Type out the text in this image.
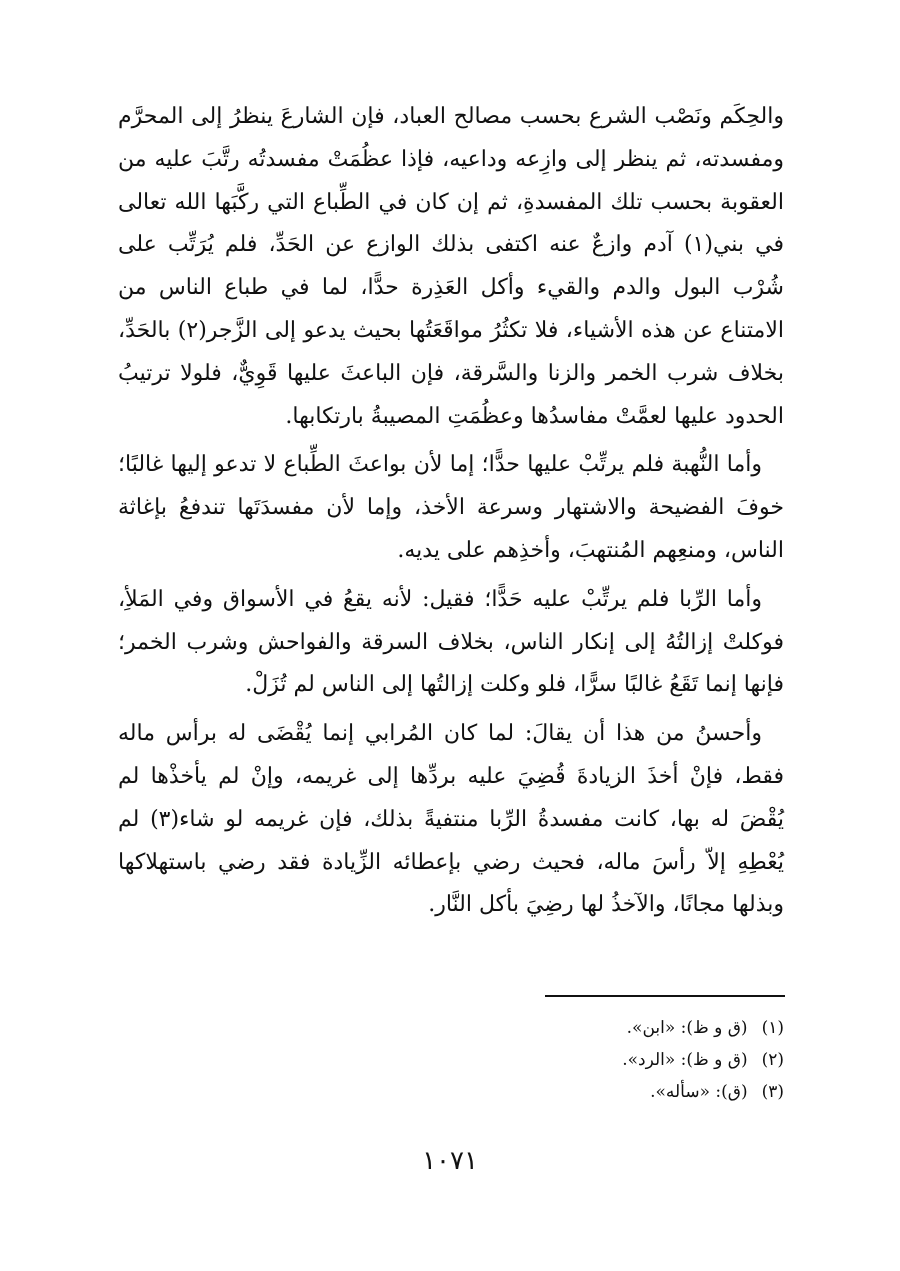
والحِكَم ونَصْب الشرع بحسب مصالح العباد، فإن الشارعَ ينظرُ إلى المحرَّم ومفسدته، ثم ينظر إلى وازِعه وداعيه، فإذا عظُمَتْ مفسدتُه رتَّبَ عليه من العقوبة بحسب تلك المفسدةِ، ثم إن كان في الطِّباع التي ركَّبَها الله تعالى في بني(١) آدم وازعٌ عنه اكتفى بذلك الوازع عن الحَدِّ، فلم يُرَتِّب على شُرْب البول والدم والقيء وأكل العَذِرة حدًّا، لما في طباع الناس من الامتناع عن هذه الأشياء، فلا تكثُرُ مواقَعَتُها بحيث يدعو إلى الزَّجر(٢) بالحَدِّ، بخلاف شرب الخمر والزنا والسَّرقة، فإن الباعثَ عليها قَوِيٌّ، فلولا ترتيبُ الحدود عليها لعمَّتْ مفاسدُها وعظُمَتِ المصيبةُ بارتكابها.

وأما النُّهبة فلم يرتِّبْ عليها حدًّا؛ إما لأن بواعثَ الطِّباع لا تدعو إليها غالبًا؛ خوفَ الفضيحة والاشتهار وسرعة الأخذ، وإما لأن مفسدَتَها تندفعُ بإغاثة الناس، ومنعِهم المُنتهبَ، وأخذِهم على يديه.

وأما الرِّبا فلم يرتِّبْ عليه حَدًّا؛ فقيل: لأنه يقعُ في الأسواق وفي المَلأِ، فوكلتْ إزالتُهُ إلى إنكار الناس، بخلاف السرقة والفواحش وشرب الخمر؛ فإنها إنما تَقَعُ غالبًا سرًّا، فلو وكلت إزالتُها إلى الناس لم تُزَلْ.

وأحسنُ من هذا أن يقالَ: لما كان المُرابي إنما يُقْضَى له برأس ماله فقط، فإنْ أخذَ الزيادةَ قُضِيَ عليه بردِّها إلى غريمه، وإنْ لم يأخذْها لم يُقْضَ له بها، كانت مفسدةُ الرِّبا منتفيةً بذلك، فإن غريمه لو شاء(٣) لم يُعْطِهِ إلاّ رأسَ ماله، فحيث رضي بإعطائه الزِّيادة فقد رضي باستهلاكها وبذلها مجانًا، والآخذُ لها رضِيَ بأكل النَّار.

(١)(ق و ظ): «ابن».
(٢)(ق و ظ): «الرد».
(٣)(ق): «سأله».
١٠٧١
